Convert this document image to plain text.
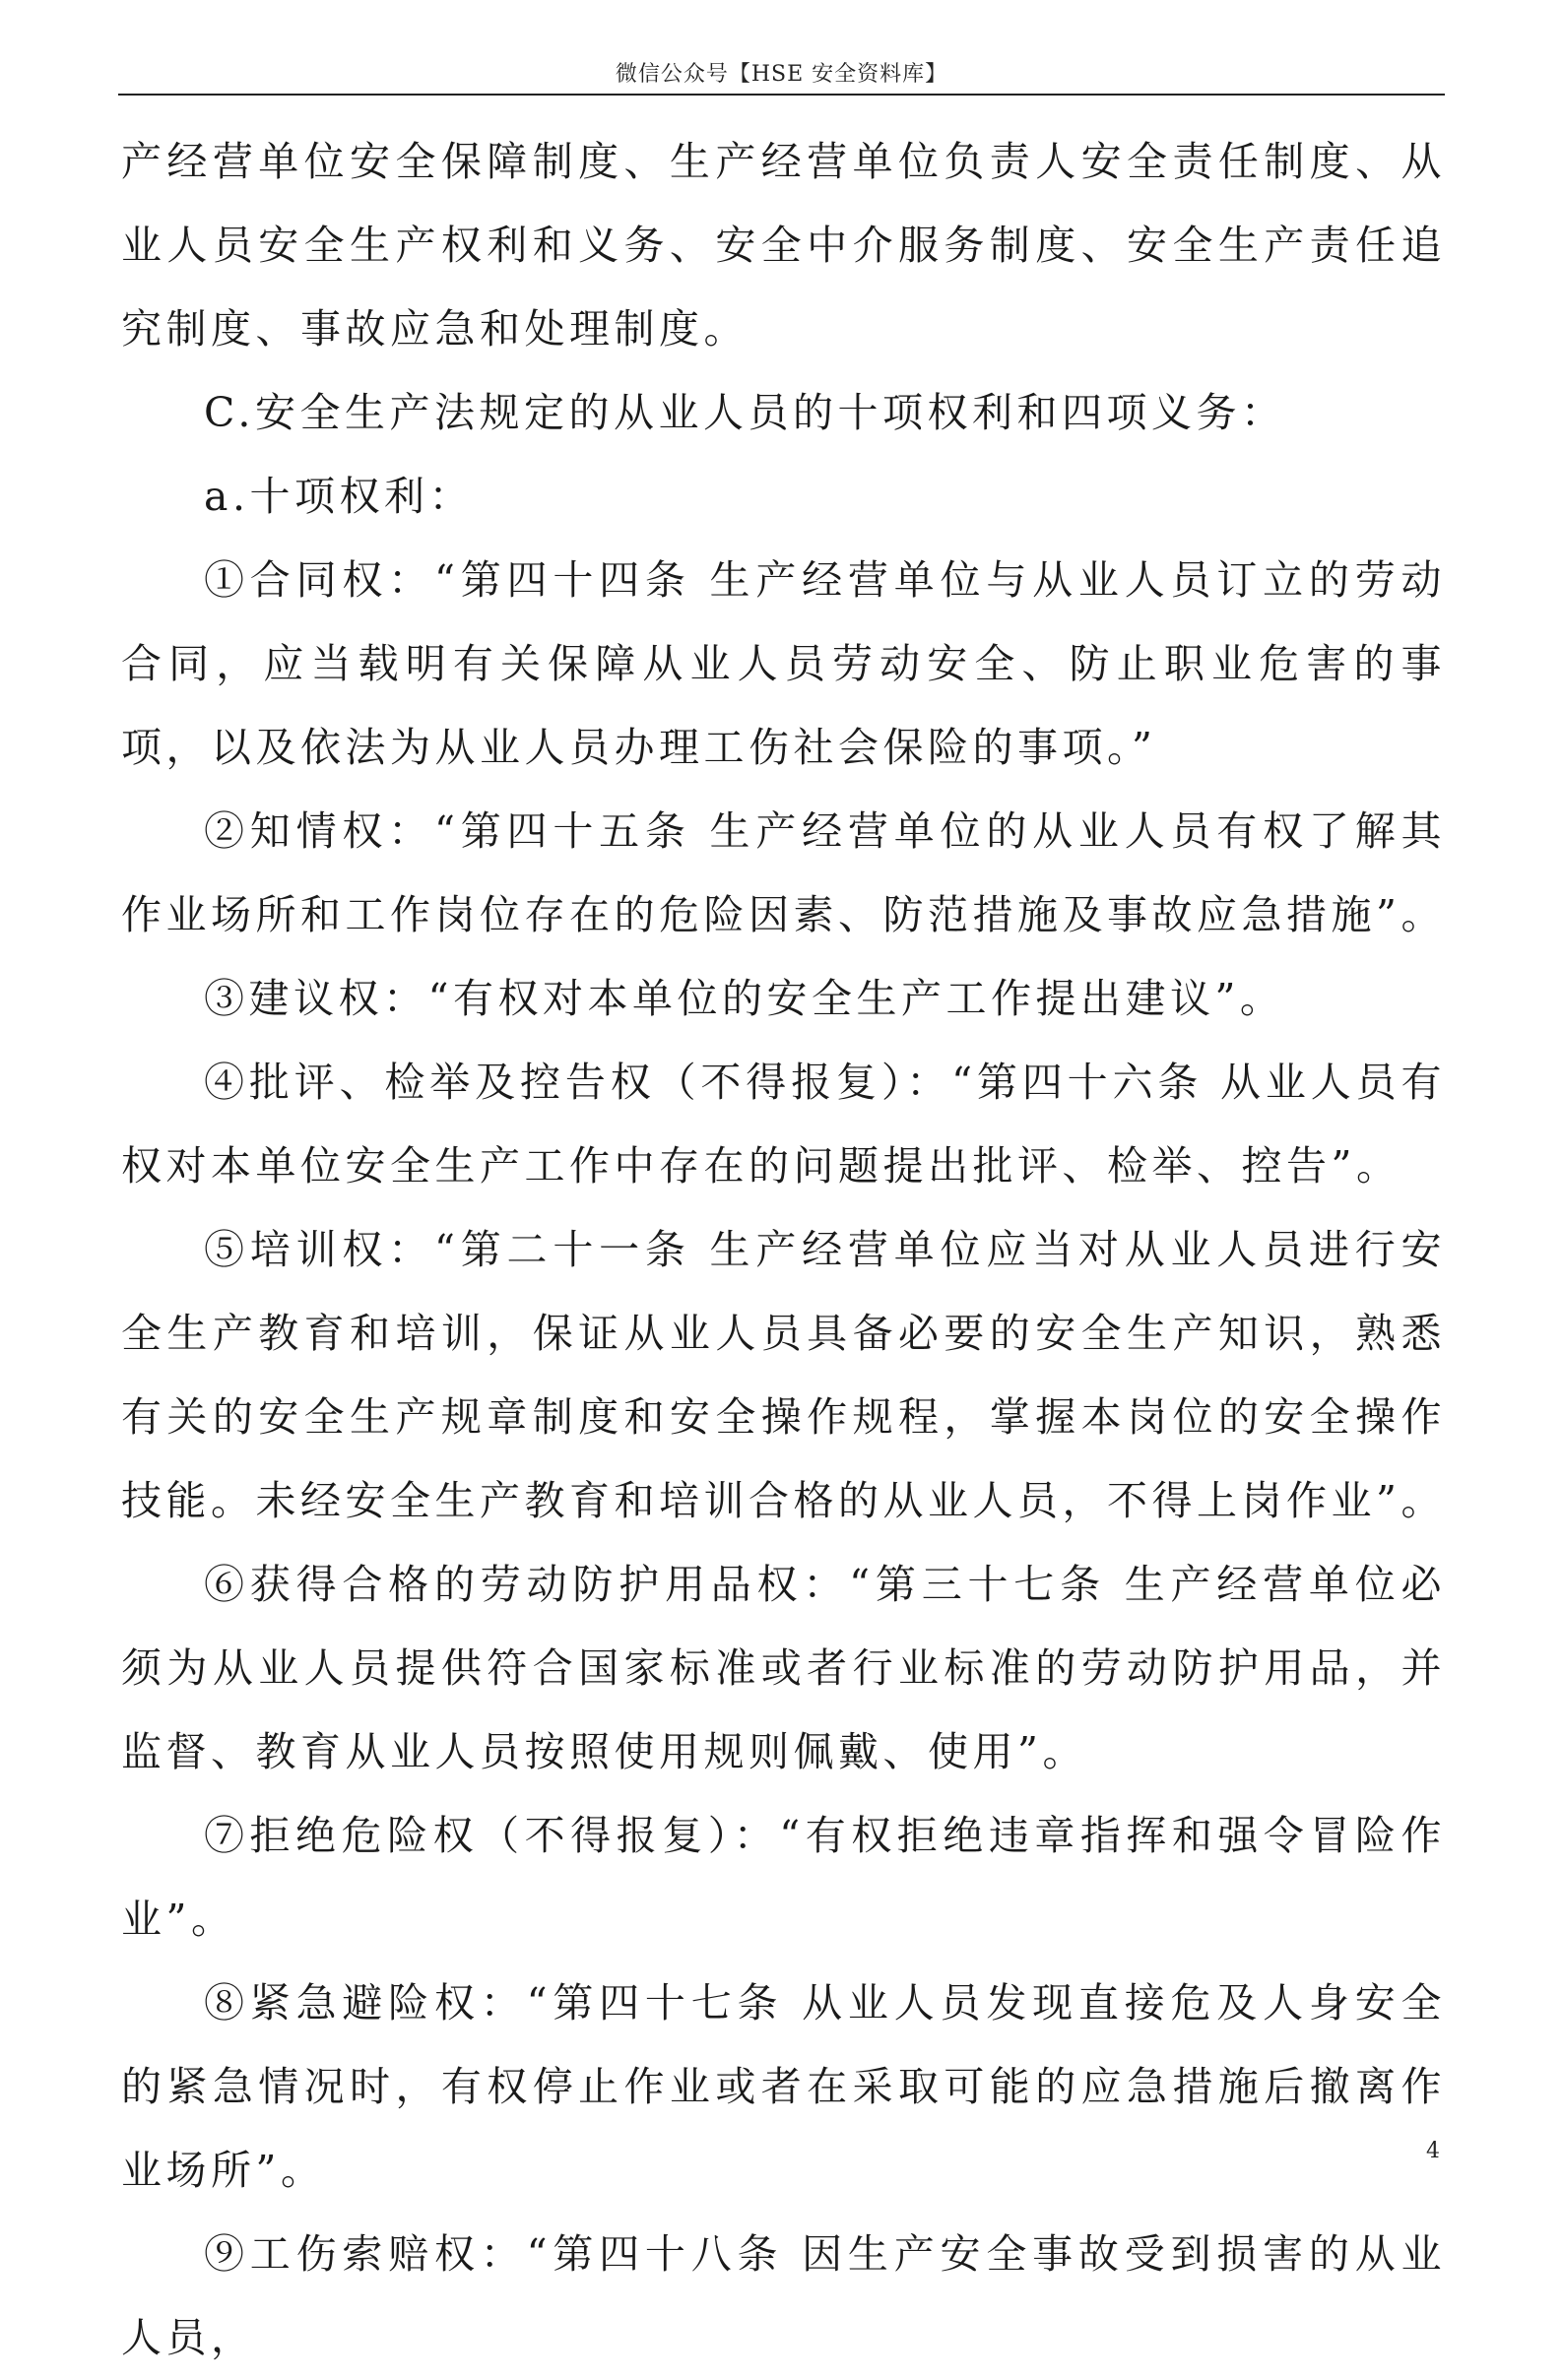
微信公众号【HSE 安全资料库】

产经营单位安全保障制度、生产经营单位负责人安全责任制度、从业人员安全生产权利和义务、安全中介服务制度、安全生产责任追究制度、事故应急和处理制度。

C.安全生产法规定的从业人员的十项权利和四项义务：

a.十项权利：

①合同权：“第四十四条 生产经营单位与从业人员订立的劳动合同，应当载明有关保障从业人员劳动安全、防止职业危害的事项，以及依法为从业人员办理工伤社会保险的事项。”

②知情权：“第四十五条 生产经营单位的从业人员有权了解其作业场所和工作岗位存在的危险因素、防范措施及事故应急措施”。

③建议权：“有权对本单位的安全生产工作提出建议”。

④批评、检举及控告权（不得报复）：“第四十六条 从业人员有权对本单位安全生产工作中存在的问题提出批评、检举、控告”。

⑤培训权：“第二十一条 生产经营单位应当对从业人员进行安全生产教育和培训，保证从业人员具备必要的安全生产知识，熟悉有关的安全生产规章制度和安全操作规程，掌握本岗位的安全操作技能。未经安全生产教育和培训合格的从业人员，不得上岗作业”。

⑥获得合格的劳动防护用品权：“第三十七条 生产经营单位必须为从业人员提供符合国家标准或者行业标准的劳动防护用品，并监督、教育从业人员按照使用规则佩戴、使用”。

⑦拒绝危险权（不得报复）：“有权拒绝违章指挥和强令冒险作业”。

⑧紧急避险权：“第四十七条 从业人员发现直接危及人身安全的紧急情况时，有权停止作业或者在采取可能的应急措施后撤离作业场所”。

⑨工伤索赔权：“第四十八条 因生产安全事故受到损害的从业人员，

4
